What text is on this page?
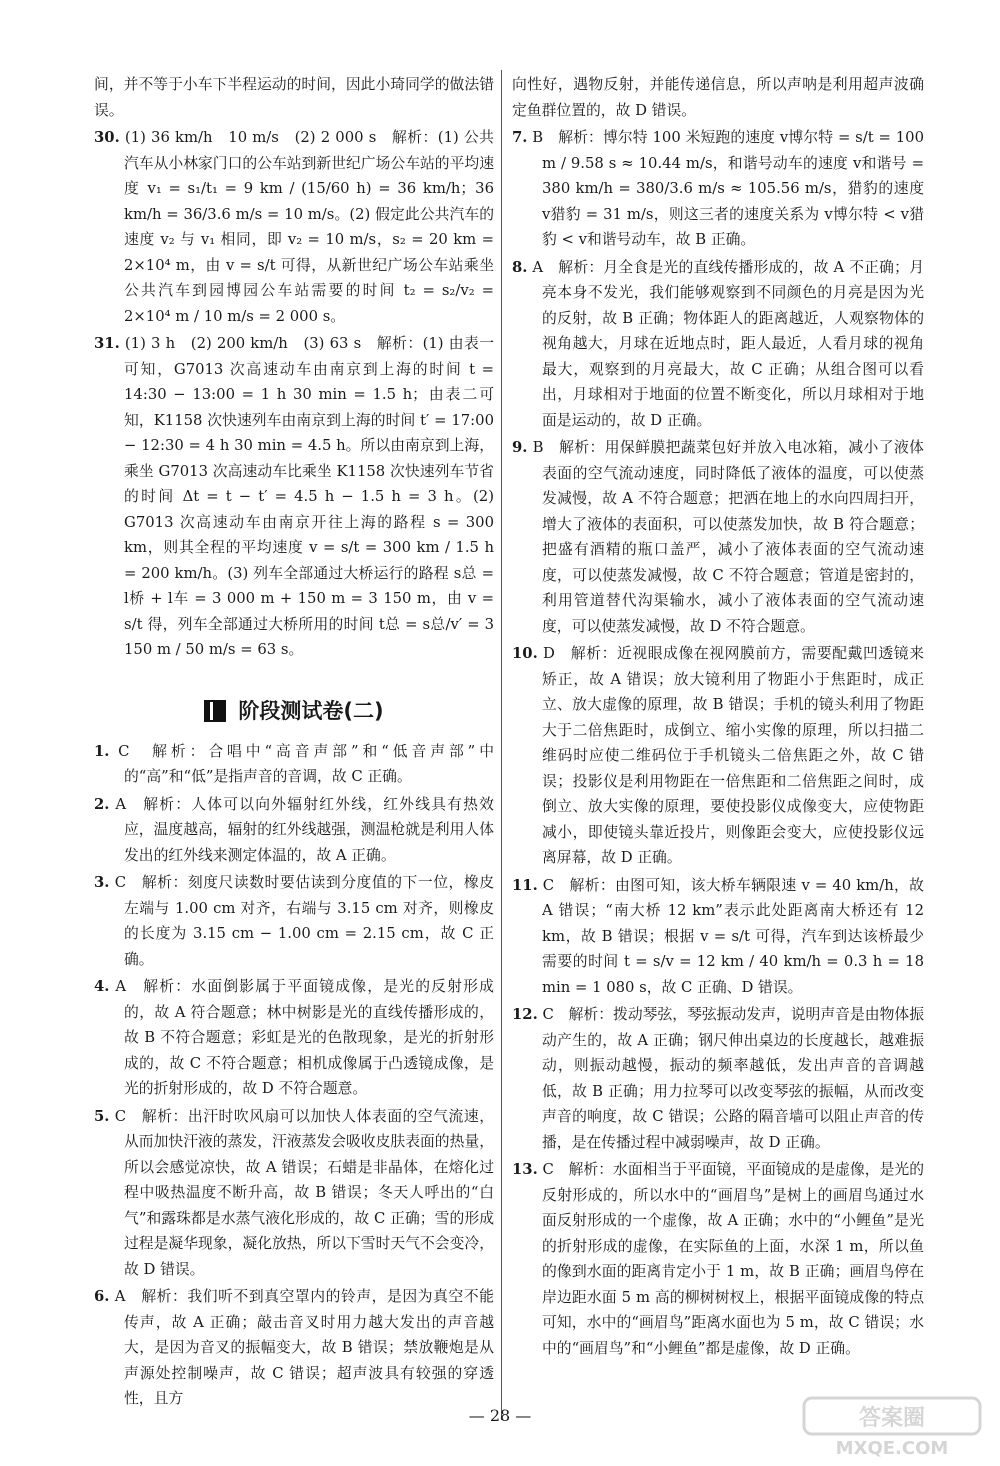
间，并不等于小车下半程运动的时间，因此小琦同学的做法错误。

30. (1) 36 km/h　10 m/s　(2) 2 000 s　解析：(1) 公共汽车从小林家门口的公车站到新世纪广场公车站的平均速度 v₁ = s₁/t₁ = 9 km / (15/60 h) = 36 km/h；36 km/h = 36/3.6 m/s = 10 m/s。(2) 假定此公共汽车的速度 v₂ 与 v₁ 相同，即 v₂ = 10 m/s，s₂ = 20 km = 2×10⁴ m，由 v = s/t 可得，从新世纪广场公车站乘坐公共汽车到园博园公车站需要的时间 t₂ = s₂/v₂ = 2×10⁴ m / 10 m/s = 2 000 s。

31. (1) 3 h　(2) 200 km/h　(3) 63 s　解析：(1) 由表一可知，G7013 次高速动车由南京到上海的时间 t = 14:30 − 13:00 = 1 h 30 min = 1.5 h；由表二可知，K1158 次快速列车由南京到上海的时间 t′ = 17:00 − 12:30 = 4 h 30 min = 4.5 h。所以由南京到上海，乘坐 G7013 次高速动车比乘坐 K1158 次快速列车节省的时间 Δt = t − t′ = 4.5 h − 1.5 h = 3 h。(2) G7013 次高速动车由南京开往上海的路程 s = 300 km，则其全程的平均速度 v = s/t = 300 km / 1.5 h = 200 km/h。(3) 列车全部通过大桥运行的路程 s总 = l桥 + l车 = 3 000 m + 150 m = 3 150 m，由 v = s/t 得，列车全部通过大桥所用的时间 t总 = s总/v′ = 3 150 m / 50 m/s = 63 s。

阶段测试卷(二)

1. C　解析：合唱中“高音声部”和“低音声部”中的“高”和“低”是指声音的音调，故 C 正确。

2. A　解析：人体可以向外辐射红外线，红外线具有热效应，温度越高，辐射的红外线越强，测温枪就是利用人体发出的红外线来测定体温的，故 A 正确。

3. C　解析：刻度尺读数时要估读到分度值的下一位，橡皮左端与 1.00 cm 对齐，右端与 3.15 cm 对齐，则橡皮的长度为 3.15 cm − 1.00 cm = 2.15 cm，故 C 正确。

4. A　解析：水面倒影属于平面镜成像，是光的反射形成的，故 A 符合题意；林中树影是光的直线传播形成的，故 B 不符合题意；彩虹是光的色散现象，是光的折射形成的，故 C 不符合题意；相机成像属于凸透镜成像，是光的折射形成的，故 D 不符合题意。

5. C　解析：出汗时吹风扇可以加快人体表面的空气流速，从而加快汗液的蒸发，汗液蒸发会吸收皮肤表面的热量，所以会感觉凉快，故 A 错误；石蜡是非晶体，在熔化过程中吸热温度不断升高，故 B 错误；冬天人呼出的“白气”和露珠都是水蒸气液化形成的，故 C 正确；雪的形成过程是凝华现象，凝化放热，所以下雪时天气不会变冷，故 D 错误。

6. A　解析：我们听不到真空罩内的铃声，是因为真空不能传声，故 A 正确；敲击音叉时用力越大发出的声音越大，是因为音叉的振幅变大，故 B 错误；禁放鞭炮是从声源处控制噪声，故 C 错误；超声波具有较强的穿透性，且方

向性好，遇物反射，并能传递信息，所以声呐是利用超声波确定鱼群位置的，故 D 错误。

7. B　解析：博尔特 100 米短跑的速度 v博尔特 = s/t = 100 m / 9.58 s ≈ 10.44 m/s，和谐号动车的速度 v和谐号 = 380 km/h = 380/3.6 m/s ≈ 105.56 m/s，猎豹的速度 v猎豹 = 31 m/s，则这三者的速度关系为 v博尔特 < v猎豹 < v和谐号动车，故 B 正确。

8. A　解析：月全食是光的直线传播形成的，故 A 不正确；月亮本身不发光，我们能够观察到不同颜色的月亮是因为光的反射，故 B 正确；物体距人的距离越近，人观察物体的视角越大，月球在近地点时，距人最近，人看月球的视角最大，观察到的月亮最大，故 C 正确；从组合图可以看出，月球相对于地面的位置不断变化，所以月球相对于地面是运动的，故 D 正确。

9. B　解析：用保鲜膜把蔬菜包好并放入电冰箱，减小了液体表面的空气流动速度，同时降低了液体的温度，可以使蒸发减慢，故 A 不符合题意；把洒在地上的水向四周扫开，增大了液体的表面积，可以使蒸发加快，故 B 符合题意；把盛有酒精的瓶口盖严，减小了液体表面的空气流动速度，可以使蒸发减慢，故 C 不符合题意；管道是密封的，利用管道替代沟渠输水，减小了液体表面的空气流动速度，可以使蒸发减慢，故 D 不符合题意。

10. D　解析：近视眼成像在视网膜前方，需要配戴凹透镜来矫正，故 A 错误；放大镜利用了物距小于焦距时，成正立、放大虚像的原理，故 B 错误；手机的镜头利用了物距大于二倍焦距时，成倒立、缩小实像的原理，所以扫描二维码时应使二维码位于手机镜头二倍焦距之外，故 C 错误；投影仪是利用物距在一倍焦距和二倍焦距之间时，成倒立、放大实像的原理，要使投影仪成像变大，应使物距减小，即使镜头靠近投片，则像距会变大，应使投影仪远离屏幕，故 D 正确。

11. C　解析：由图可知，该大桥车辆限速 v = 40 km/h，故 A 错误；“南大桥 12 km”表示此处距离南大桥还有 12 km，故 B 错误；根据 v = s/t 可得，汽车到达该桥最少需要的时间 t = s/v = 12 km / 40 km/h = 0.3 h = 18 min = 1 080 s，故 C 正确、D 错误。

12. C　解析：拨动琴弦，琴弦振动发声，说明声音是由物体振动产生的，故 A 正确；钢尺伸出桌边的长度越长，越难振动，则振动越慢，振动的频率越低，发出声音的音调越低，故 B 正确；用力拉琴可以改变琴弦的振幅，从而改变声音的响度，故 C 错误；公路的隔音墙可以阻止声音的传播，是在传播过程中减弱噪声，故 D 正确。

13. C　解析：水面相当于平面镜，平面镜成的是虚像，是光的反射形成的，所以水中的“画眉鸟”是树上的画眉鸟通过水面反射形成的一个虚像，故 A 正确；水中的“小鲤鱼”是光的折射形成的虚像，在实际鱼的上面，水深 1 m，所以鱼的像到水面的距离肯定小于 1 m，故 B 正确；画眉鸟停在岸边距水面 5 m 高的柳树树杈上，根据平面镜成像的特点可知，水中的“画眉鸟”距离水面也为 5 m，故 C 错误；水中的“画眉鸟”和“小鲤鱼”都是虚像，故 D 正确。

— 28 —	答案圈
MXQE.COM
